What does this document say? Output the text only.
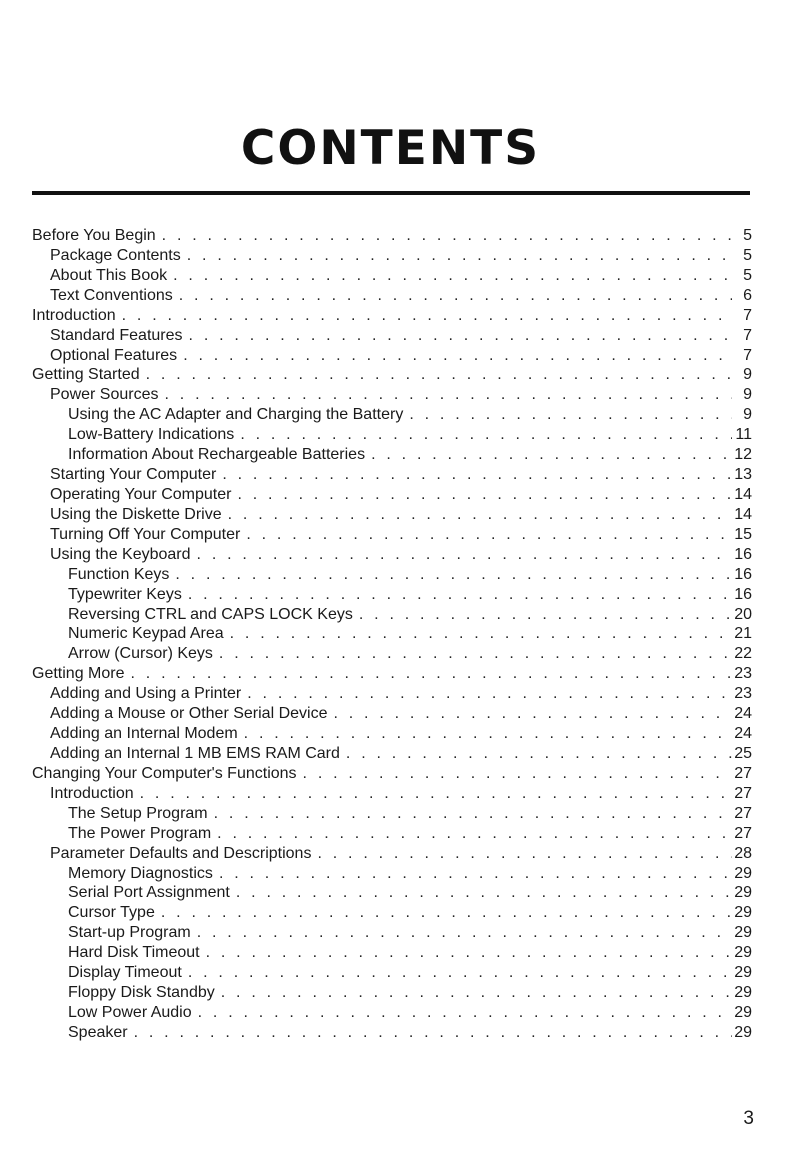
CONTENTS
Before You Begin . . .	5
Package Contents . . .	5
About This Book . . .	5
Text Conventions . . .	6
Introduction . . .	7
Standard Features . . .	7
Optional Features . . .	7
Getting Started . . .	9
Power Sources . . .	9
Using the AC Adapter and Charging the Battery . . .	9
Low-Battery Indications . . .	11
Information About Rechargeable Batteries . . .	12
Starting Your Computer . . .	13
Operating Your Computer . . .	14
Using the Diskette Drive . . .	14
Turning Off Your Computer . . .	15
Using the Keyboard . . .	16
Function Keys . . .	16
Typewriter Keys . . .	16
Reversing CTRL and CAPS LOCK Keys . . .	20
Numeric Keypad Area . . .	21
Arrow (Cursor) Keys . . .	22
Getting More . . .	23
Adding and Using a Printer . . .	23
Adding a Mouse or Other Serial Device . . .	24
Adding an Internal Modem . . .	24
Adding an Internal 1 MB EMS RAM Card . . .	25
Changing Your Computer's Functions . . .	27
Introduction . . .	27
The Setup Program . . .	27
The Power Program . . .	27
Parameter Defaults and Descriptions . . .	28
Memory Diagnostics . . .	29
Serial Port Assignment . . .	29
Cursor Type . . .	29
Start-up Program . . .	29
Hard Disk Timeout . . .	29
Display Timeout . . .	29
Floppy Disk Standby . . .	29
Low Power Audio . . .	29
Speaker . . .	29
3
